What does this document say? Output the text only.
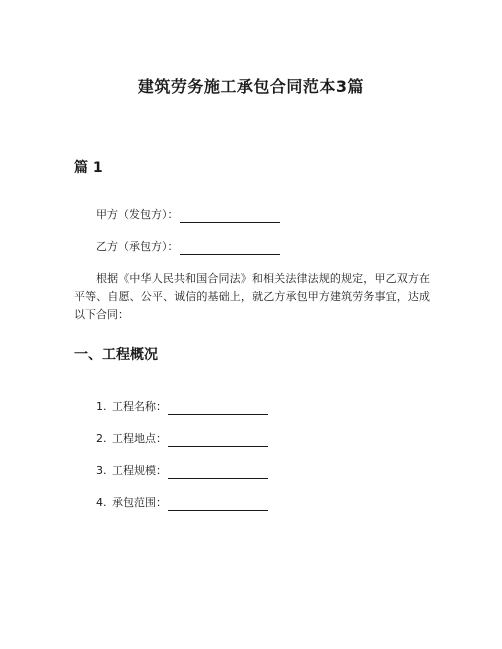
建筑劳务施工承包合同范本3篇
篇 1
甲方（发包方）：
乙方（承包方）：
根据《中华人民共和国合同法》和相关法律法规的规定，甲乙双方在平等、自愿、公平、诚信的基础上，就乙方承包甲方建筑劳务事宜，达成以下合同：
一、工程概况
1. 工程名称：
2. 工程地点：
3. 工程规模：
4. 承包范围：
